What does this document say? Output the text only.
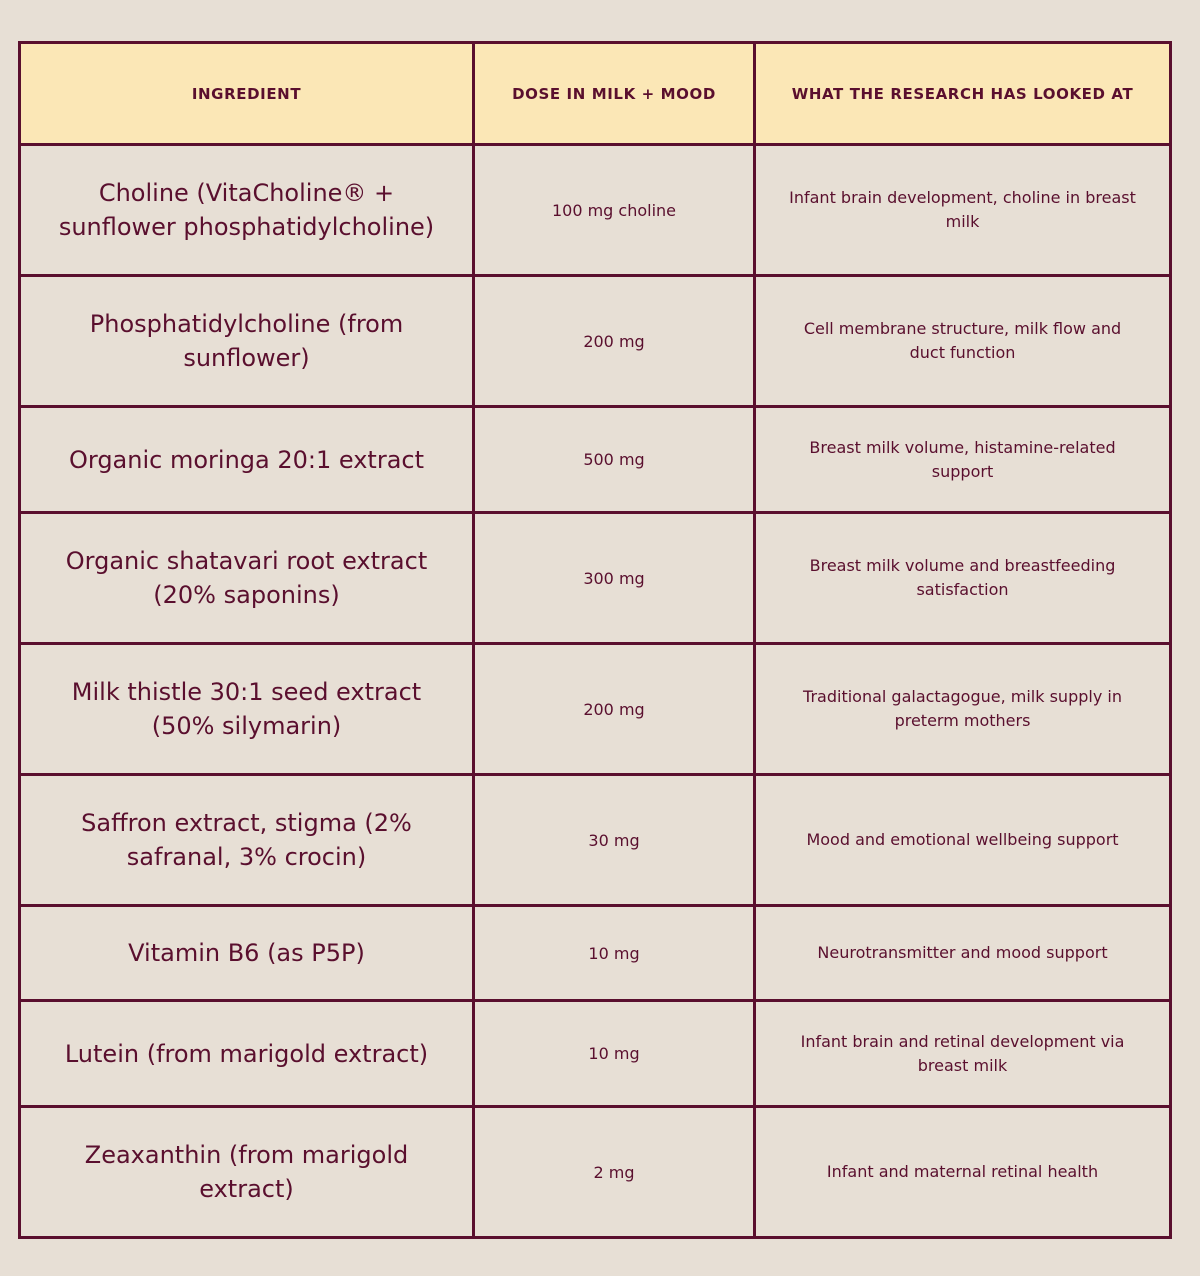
INGREDIENT	DOSE IN MILK + MOOD	WHAT THE RESEARCH HAS LOOKED AT
Choline (VitaCholine® + sunflower phosphatidylcholine)	100 mg choline	Infant brain development, choline in breast milk
Phosphatidylcholine (from sunflower)	200 mg	Cell membrane structure, milk flow and duct function
Organic moringa 20:1 extract	500 mg	Breast milk volume, histamine-related support
Organic shatavari root extract (20% saponins)	300 mg	Breast milk volume and breastfeeding satisfaction
Milk thistle 30:1 seed extract (50% silymarin)	200 mg	Traditional galactagogue, milk supply in preterm mothers
Saffron extract, stigma (2% safranal, 3% crocin)	30 mg	Mood and emotional wellbeing support
Vitamin B6 (as P5P)	10 mg	Neurotransmitter and mood support
Lutein (from marigold extract)	10 mg	Infant brain and retinal development via breast milk
Zeaxanthin (from marigold extract)	2 mg	Infant and maternal retinal health
